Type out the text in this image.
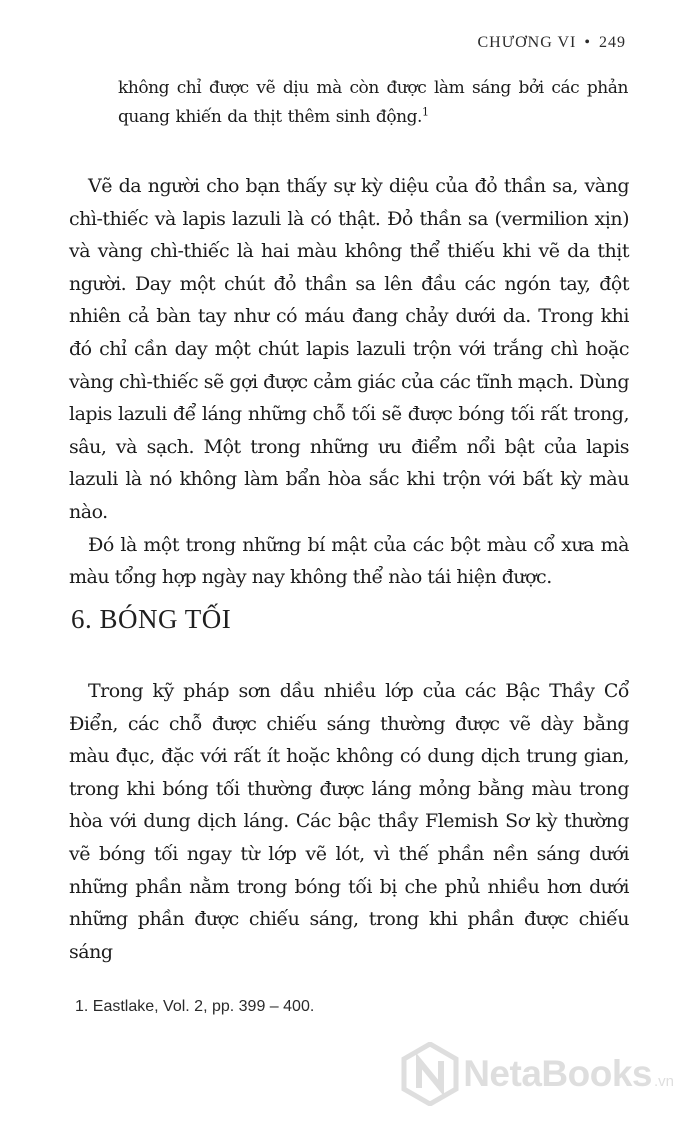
CHƯƠNG VI • 249

không chỉ được vẽ dịu mà còn được làm sáng bởi các phản quang khiến da thịt thêm sinh động.$^1$

Vẽ da người cho bạn thấy sự kỳ diệu của đỏ thần sa, vàng chì-thiếc và lapis lazuli là có thật. Đỏ thần sa (vermilion xịn) và vàng chì-thiếc là hai màu không thể thiếu khi vẽ da thịt người. Day một chút đỏ thần sa lên đầu các ngón tay, đột nhiên cả bàn tay như có máu đang chảy dưới da. Trong khi đó chỉ cần day một chút lapis lazuli trộn với trắng chì hoặc vàng chì-thiếc sẽ gợi được cảm giác của các tĩnh mạch. Dùng lapis lazuli để láng những chỗ tối sẽ được bóng tối rất trong, sâu, và sạch. Một trong những ưu điểm nổi bật của lapis lazuli là nó không làm bẩn hòa sắc khi trộn với bất kỳ màu nào.

Đó là một trong những bí mật của các bột màu cổ xưa mà màu tổng hợp ngày nay không thể nào tái hiện được.

6. BÓNG TỐI

Trong kỹ pháp sơn dầu nhiều lớp của các Bậc Thầy Cổ Điển, các chỗ được chiếu sáng thường được vẽ dày bằng màu đục, đặc với rất ít hoặc không có dung dịch trung gian, trong khi bóng tối thường được láng mỏng bằng màu trong hòa với dung dịch láng. Các bậc thầy Flemish Sơ kỳ thường vẽ bóng tối ngay từ lớp vẽ lót, vì thế phần nền sáng dưới những phần nằm trong bóng tối bị che phủ nhiều hơn dưới những phần được chiếu sáng, trong khi phần được chiếu sáng

1. Eastlake, Vol. 2, pp. 399 – 400.
NetaBooks .vn
